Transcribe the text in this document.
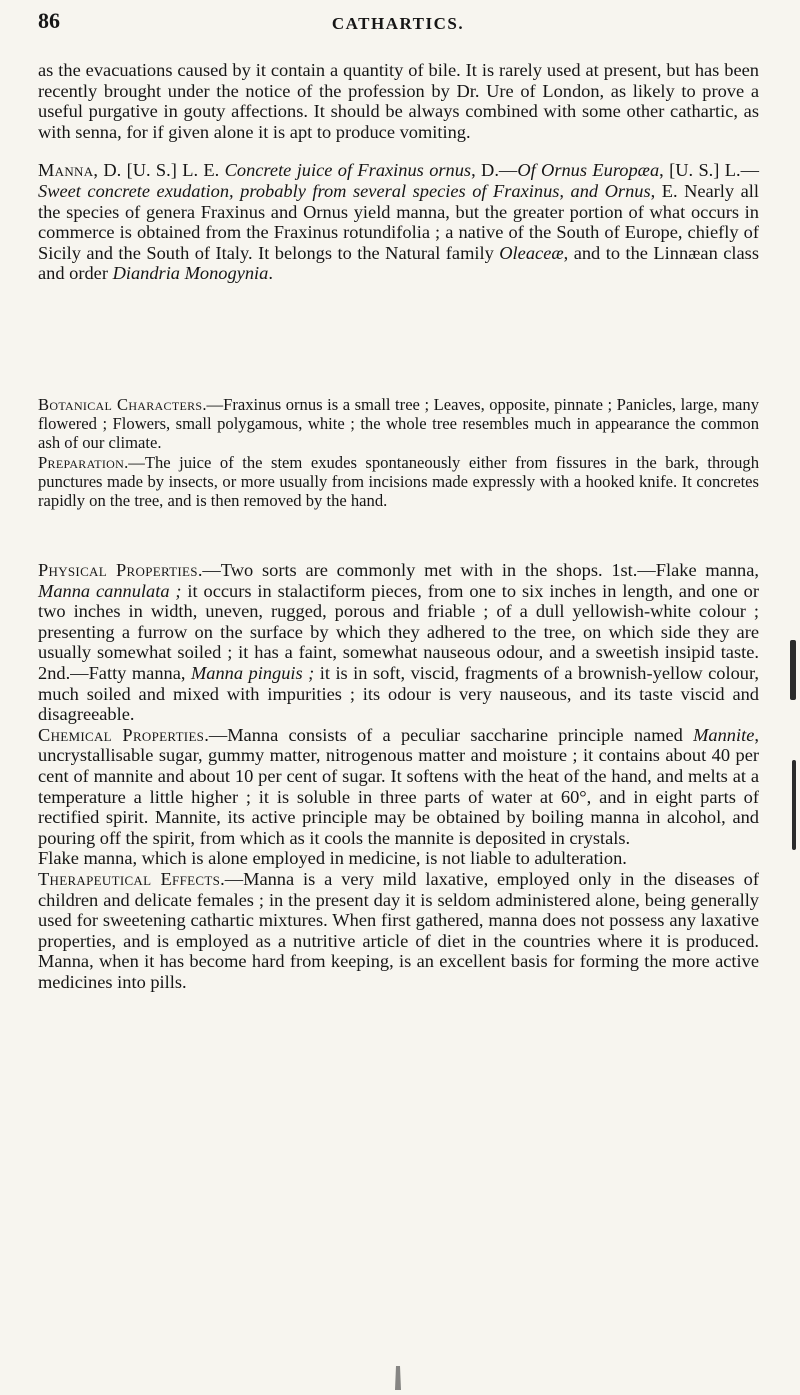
86	CATHARTICS.

as the evacuations caused by it contain a quantity of bile. It is rarely used at present, but has been recently brought under the notice of the profession by Dr. Ure of London, as likely to prove a useful purgative in gouty affections. It should be always combined with some other cathartic, as with senna, for if given alone it is apt to produce vomiting.

Manna, D. [U. S.] L. E. Concrete juice of Fraxinus ornus, D.—Of Ornus Europæa, [U. S.] L.—Sweet concrete exudation, probably from several species of Fraxinus, and Ornus, E. Nearly all the species of genera Fraxinus and Ornus yield manna, but the greater portion of what occurs in commerce is obtained from the Fraxinus rotundifolia ; a native of the South of Europe, chiefly of Sicily and the South of Italy. It belongs to the Natural family Oleaceæ, and to the Linnæan class and order Diandria Monogynia.

Botanical Characters.—Fraxinus ornus is a small tree ; Leaves, opposite, pinnate ; Panicles, large, many flowered ; Flowers, small polygamous, white ; the whole tree resembles much in appearance the common ash of our climate.

Preparation.—The juice of the stem exudes spontaneously either from fissures in the bark, through punctures made by insects, or more usually from incisions made expressly with a hooked knife. It concretes rapidly on the tree, and is then removed by the hand.

Physical Properties.—Two sorts are commonly met with in the shops. 1st.—Flake manna, Manna cannulata ; it occurs in stalactiform pieces, from one to six inches in length, and one or two inches in width, uneven, rugged, porous and friable ; of a dull yellowish-white colour ; presenting a furrow on the surface by which they adhered to the tree, on which side they are usually somewhat soiled ; it has a faint, somewhat nauseous odour, and a sweetish insipid taste. 2nd.—Fatty manna, Manna pinguis ; it is in soft, viscid, fragments of a brownish-yellow colour, much soiled and mixed with impurities ; its odour is very nauseous, and its taste viscid and disagreeable.

Chemical Properties.—Manna consists of a peculiar saccharine principle named Mannite, uncrystallisable sugar, gummy matter, nitrogenous matter and moisture ; it contains about 40 per cent of mannite and about 10 per cent of sugar. It softens with the heat of the hand, and melts at a temperature a little higher ; it is soluble in three parts of water at 60°, and in eight parts of rectified spirit. Mannite, its active principle may be obtained by boiling manna in alcohol, and pouring off the spirit, from which as it cools the mannite is deposited in crystals.

Flake manna, which is alone employed in medicine, is not liable to adulteration.

Therapeutical Effects.—Manna is a very mild laxative, employed only in the diseases of children and delicate females ; in the present day it is seldom administered alone, being generally used for sweetening cathartic mixtures. When first gathered, manna does not possess any laxative properties, and is employed as a nutritive article of diet in the countries where it is produced. Manna, when it has become hard from keeping, is an excellent basis for forming the more active medicines into pills.
